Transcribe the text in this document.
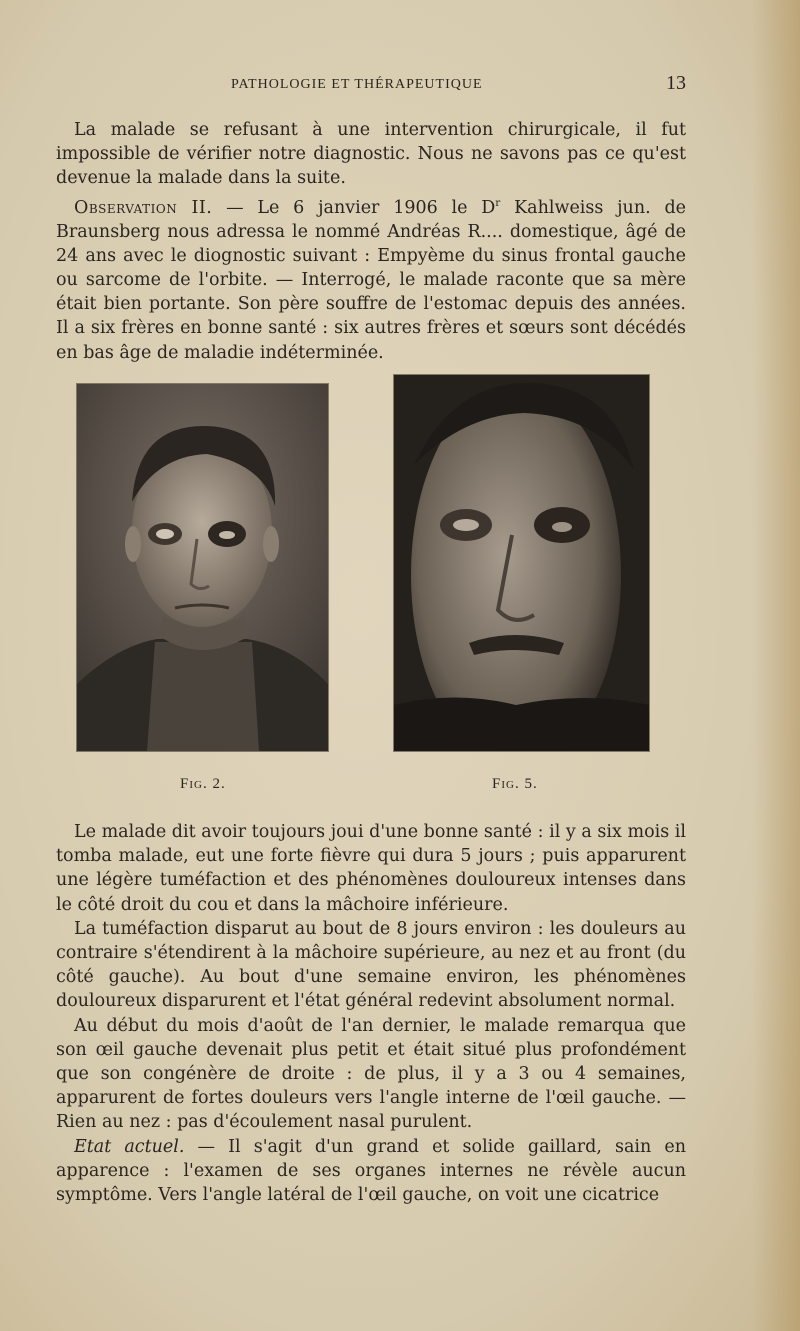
PATHOLOGIE ET THÉRAPEUTIQUE	13

La malade se refusant à une intervention chirurgicale, il fut impossible de vérifier notre diagnostic. Nous ne savons pas ce qu'est devenue la malade dans la suite.

Observation II. — Le 6 janvier 1906 le $D^r$ Kahlweiss jun. de Braunsberg nous adressa le nommé Andréas R.... domestique, âgé de 24 ans avec le diognostic suivant : Empyème du sinus frontal gauche ou sarcome de l'orbite. — Interrogé, le malade raconte que sa mère était bien portante. Son père souffre de l'estomac depuis des années. Il a six frères en bonne santé : six autres frères et sœurs sont décédés en bas âge de maladie indéterminée.

Fig. 2.	Fig. 5.

Le malade dit avoir toujours joui d'une bonne santé : il y a six mois il tomba malade, eut une forte fièvre qui dura 5 jours ; puis apparurent une légère tuméfaction et des phénomènes douloureux intenses dans le côté droit du cou et dans la mâchoire inférieure.

La tuméfaction disparut au bout de 8 jours environ : les douleurs au contraire s'étendirent à la mâchoire supérieure, au nez et au front (du côté gauche). Au bout d'une semaine environ, les phénomènes douloureux disparurent et l'état général redevint absolument normal.

Au début du mois d'août de l'an dernier, le malade remarqua que son œil gauche devenait plus petit et était situé plus profondément que son congénère de droite : de plus, il y a 3 ou 4 semaines, apparurent de fortes douleurs vers l'angle interne de l'œil gauche. — Rien au nez : pas d'écoulement nasal purulent.

Etat actuel. — Il s'agit d'un grand et solide gaillard, sain en apparence : l'examen de ses organes internes ne révèle aucun symptôme. Vers l'angle latéral de l'œil gauche, on voit une cicatrice
